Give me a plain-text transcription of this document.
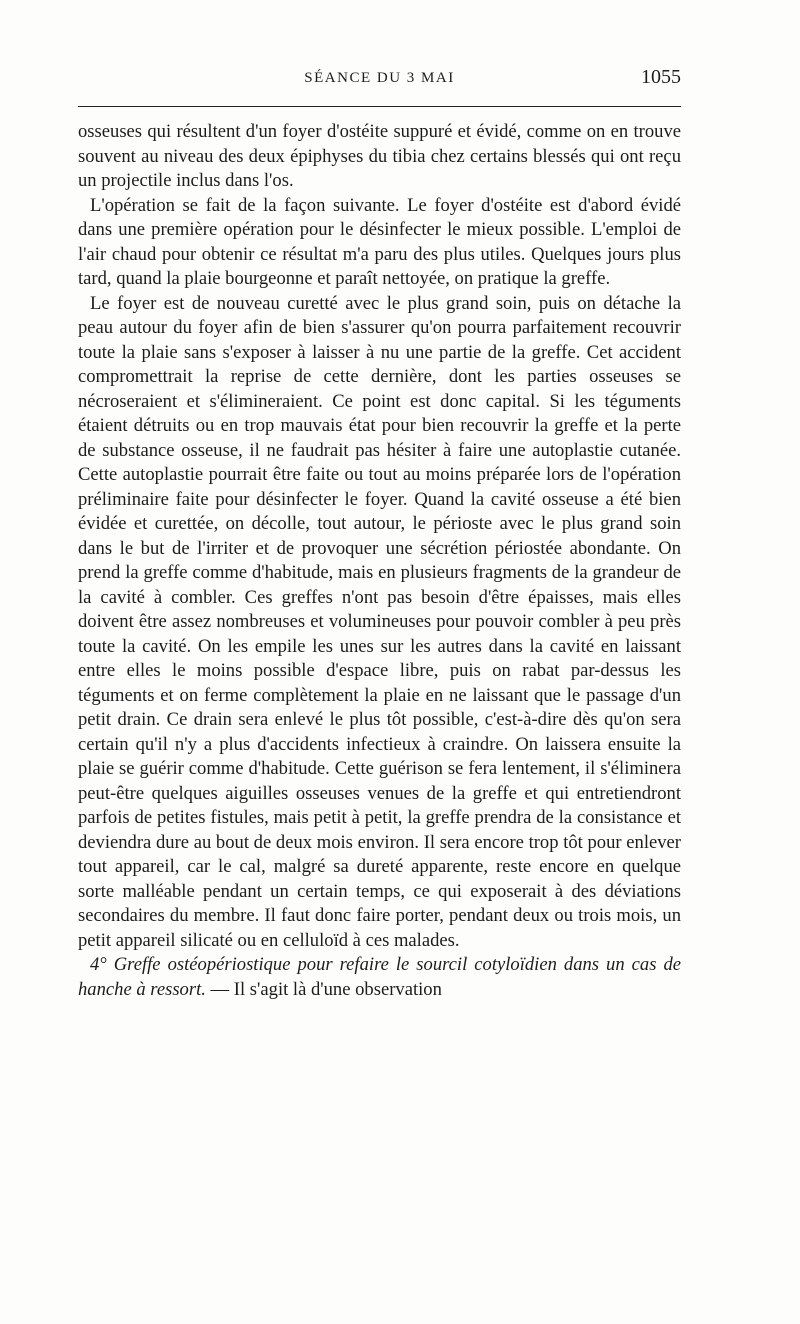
SÉANCE DU 3 MAI	1055

osseuses qui résultent d'un foyer d'ostéite suppuré et évidé, comme on en trouve souvent au niveau des deux épiphyses du tibia chez certains blessés qui ont reçu un projectile inclus dans l'os.

L'opération se fait de la façon suivante. Le foyer d'ostéite est d'abord évidé dans une première opération pour le désinfecter le mieux possible. L'emploi de l'air chaud pour obtenir ce résultat m'a paru des plus utiles. Quelques jours plus tard, quand la plaie bourgeonne et paraît nettoyée, on pratique la greffe.

Le foyer est de nouveau curetté avec le plus grand soin, puis on détache la peau autour du foyer afin de bien s'assurer qu'on pourra parfaitement recouvrir toute la plaie sans s'exposer à laisser à nu une partie de la greffe. Cet accident compromettrait la reprise de cette dernière, dont les parties osseuses se nécroseraient et s'élimineraient. Ce point est donc capital. Si les téguments étaient détruits ou en trop mauvais état pour bien recouvrir la greffe et la perte de substance osseuse, il ne faudrait pas hésiter à faire une autoplastie cutanée. Cette autoplastie pourrait être faite ou tout au moins préparée lors de l'opération préliminaire faite pour désinfecter le foyer. Quand la cavité osseuse a été bien évidée et curettée, on décolle, tout autour, le périoste avec le plus grand soin dans le but de l'irriter et de provoquer une sécrétion périostée abondante. On prend la greffe comme d'habitude, mais en plusieurs fragments de la grandeur de la cavité à combler. Ces greffes n'ont pas besoin d'être épaisses, mais elles doivent être assez nombreuses et volumineuses pour pouvoir combler à peu près toute la cavité. On les empile les unes sur les autres dans la cavité en laissant entre elles le moins possible d'espace libre, puis on rabat par-dessus les téguments et on ferme complètement la plaie en ne laissant que le passage d'un petit drain. Ce drain sera enlevé le plus tôt possible, c'est-à-dire dès qu'on sera certain qu'il n'y a plus d'accidents infectieux à craindre. On laissera ensuite la plaie se guérir comme d'habitude. Cette guérison se fera lentement, il s'éliminera peut-être quelques aiguilles osseuses venues de la greffe et qui entretiendront parfois de petites fistules, mais petit à petit, la greffe prendra de la consistance et deviendra dure au bout de deux mois environ. Il sera encore trop tôt pour enlever tout appareil, car le cal, malgré sa dureté apparente, reste encore en quelque sorte malléable pendant un certain temps, ce qui exposerait à des déviations secondaires du membre. Il faut donc faire porter, pendant deux ou trois mois, un petit appareil silicaté ou en celluloïd à ces malades.

4° Greffe ostéopériostique pour refaire le sourcil cotyloïdien dans un cas de hanche à ressort. — Il s'agit là d'une observation
